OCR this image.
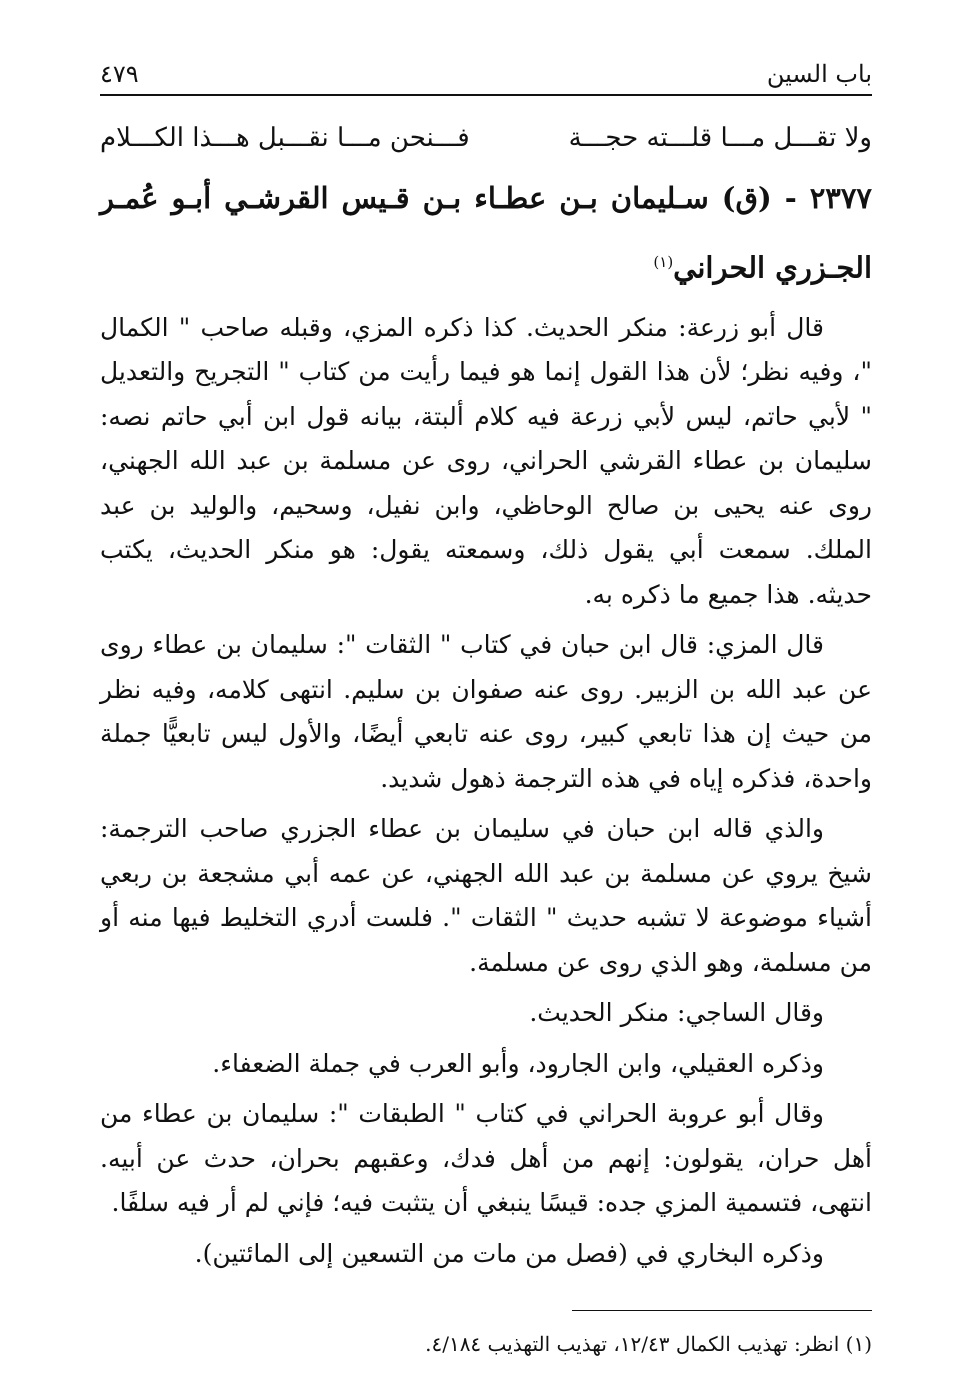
باب السين
٤٧٩
ولا تقـــل مـــا قلـــته حجـــة
فـــنحن مـــا نقـــبل هـــذا الكـــلام
٢٣٧٧ - (ق) سـليمان بـن عطـاء بـن قـيس القرشـي أبـو عُمـر الجـزري الحراني$^{(١)}$

قال أبو زرعة: منكر الحديث. كذا ذكره المزي، وقبله صاحب " الكمال "، وفيه نظر؛ لأن هذا القول إنما هو فيما رأيت من كتاب " التجريح والتعديل " لأبي حاتم، ليس لأبي زرعة فيه كلام ألبتة، بيانه قول ابن أبي حاتم نصه: سليمان بن عطاء القرشي الحراني، روى عن مسلمة بن عبد الله الجهني، روى عنه يحيى بن صالح الوحاظي، وابن نفيل، وسحيم، والوليد بن عبد الملك. سمعت أبي يقول ذلك، وسمعته يقول: هو منكر الحديث، يكتب حديثه. هذا جميع ما ذكره به.

قال المزي: قال ابن حبان في كتاب " الثقات ": سليمان بن عطاء روى عن عبد الله بن الزبير. روى عنه صفوان بن سليم. انتهى كلامه، وفيه نظر من حيث إن هذا تابعي كبير، روى عنه تابعي أيضًا، والأول ليس تابعيًّا جملة واحدة، فذكره إياه في هذه الترجمة ذهول شديد.

والذي قاله ابن حبان في سليمان بن عطاء الجزري صاحب الترجمة: شيخ يروي عن مسلمة بن عبد الله الجهني، عن عمه أبي مشجعة بن ربعي أشياء موضوعة لا تشبه حديث " الثقات ". فلست أدري التخليط فيها منه أو من مسلمة، وهو الذي روى عن مسلمة.

وقال الساجي: منكر الحديث.

وذكره العقيلي، وابن الجارود، وأبو العرب في جملة الضعفاء.

وقال أبو عروبة الحراني في كتاب " الطبقات ": سليمان بن عطاء من أهل حران، يقولون: إنهم من أهل فدك، وعقبهم بحران، حدث عن أبيه. انتهى، فتسمية المزي جده: قيسًا ينبغي أن يتثبت فيه؛ فإني لم أر فيه سلفًا.

وذكره البخاري في (فصل من مات من التسعين إلى المائتين).

(١) انظر: تهذيب الكمال ١٢/٤٣، تهذيب التهذيب ٤/١٨٤.
